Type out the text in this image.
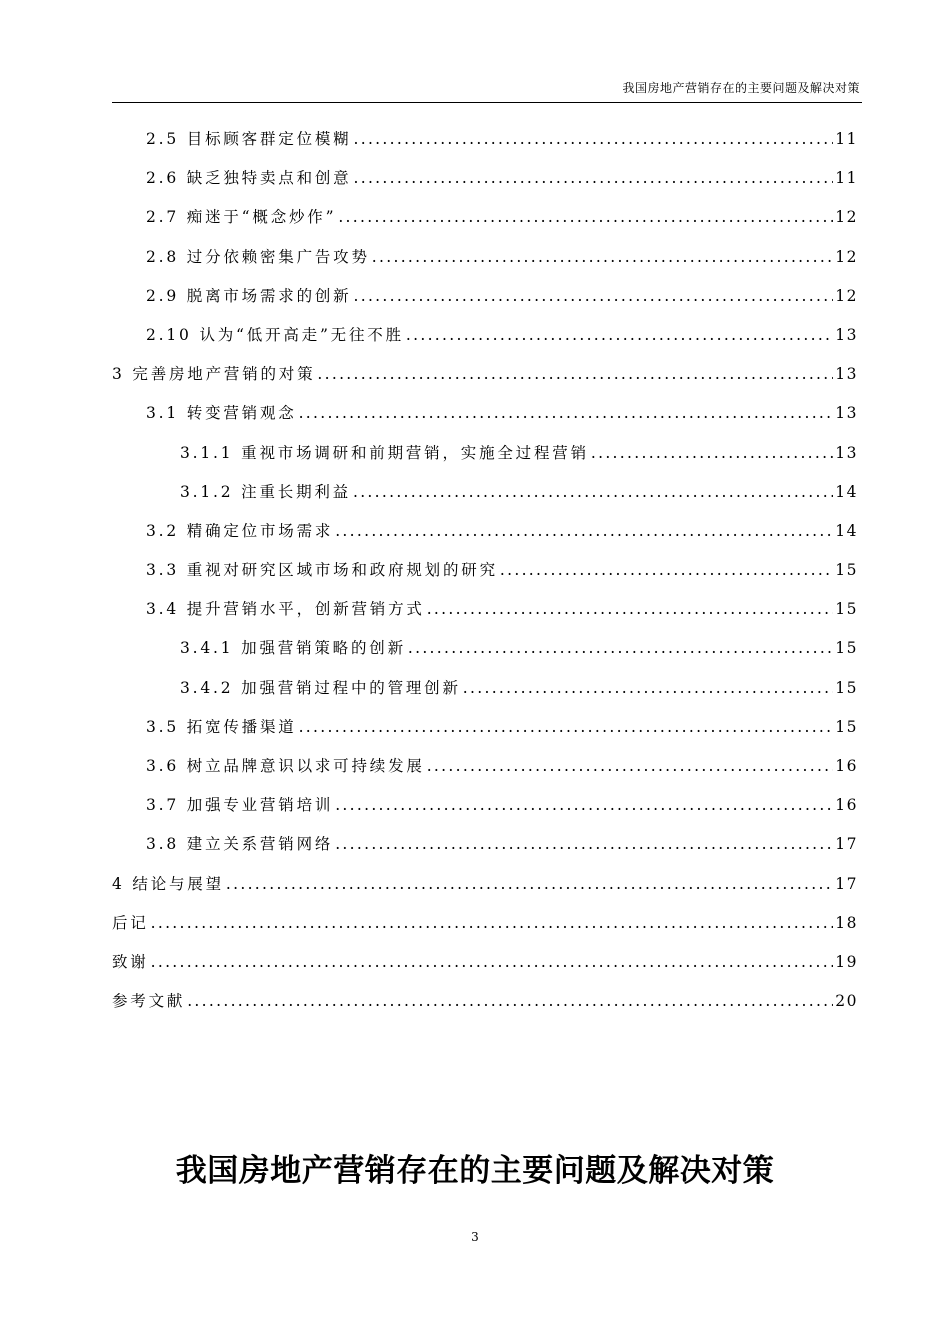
我国房地产营销存在的主要问题及解决对策
2.5 目标顾客群定位模糊 .....	11
2.6 缺乏独特卖点和创意 .....	11
2.7 痴迷于“概念炒作” .....	12
2.8 过分依赖密集广告攻势 .....	12
2.9 脱离市场需求的创新 .....	12
2.10 认为“低开高走”无往不胜 .....	13
3 完善房地产营销的对策 .....	13
3.1 转变营销观念 .....	13
3.1.1 重视市场调研和前期营销，实施全过程营销 .....	13
3.1.2 注重长期利益 .....	14
3.2 精确定位市场需求 .....	14
3.3 重视对研究区域市场和政府规划的研究 .....	15
3.4 提升营销水平，创新营销方式 .....	15
3.4.1 加强营销策略的创新 .....	15
3.4.2 加强营销过程中的管理创新 .....	15
3.5 拓宽传播渠道 .....	15
3.6 树立品牌意识以求可持续发展 .....	16
3.7 加强专业营销培训 .....	16
3.8 建立关系营销网络 .....	17
4 结论与展望 .....	17
后记 .....	18
致谢 .....	19
参考文献 .....	20
我国房地产营销存在的主要问题及解决对策
3
